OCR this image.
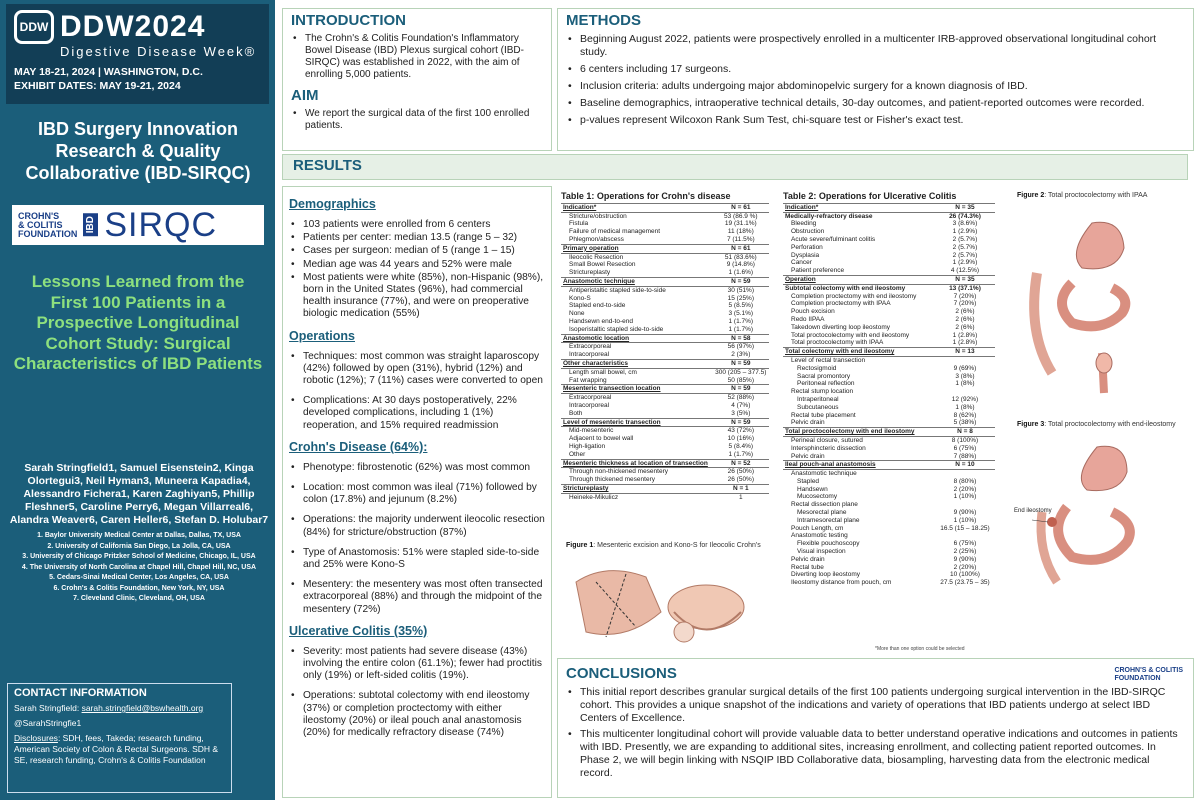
DDW DDW2024
Digestive Disease Week®
MAY 18-21, 2024 | WASHINGTON, D.C.
EXHIBIT DATES: MAY 19-21, 2024
IBD Surgery Innovation Research & Quality Collaborative (IBD-SIRQC)
CROHN'S
& COLITIS
FOUNDATION IBD SIRQC
Lessons Learned from the First 100 Patients in a Prospective Longitudinal Cohort Study: Surgical Characteristics of IBD Patients
Sarah Stringfield1, Samuel Eisenstein2, Kinga Olortegui3, Neil Hyman3, Muneera Kapadia4, Alessandro Fichera1, Karen Zaghiyan5, Phillip Fleshner5, Caroline Perry6, Megan Villarreal6, Alandra Weaver6, Caren Heller6, Stefan D. Holubar7
1. Baylor University Medical Center at Dallas, Dallas, TX, USA
2. University of California San Diego, La Jolla, CA, USA
3. University of Chicago Pritzker School of Medicine, Chicago, IL, USA
4. The University of North Carolina at Chapel Hill, Chapel Hill, NC, USA
5. Cedars-Sinai Medical Center, Los Angeles, CA, USA
6. Crohn's & Colitis Foundation, New York, NY, USA
7. Cleveland Clinic, Cleveland, OH, USA
CONTACT INFORMATION
Sarah Stringfield: sarah.stringfield@bswhealth.org
@SarahStringfie1
Disclosures: SDH, fees, Takeda; research funding, American Society of Colon & Rectal Surgeons. SDH & SE, research funding, Crohn's & Colitis Foundation
INTRODUCTION
• The Crohn's & Colitis Foundation's Inflammatory Bowel Disease (IBD) Plexus surgical cohort (IBD-SIRQC) was established in 2022, with the aim of enrolling 5,000 patients.
AIM
• We report the surgical data of the first 100 enrolled patients.
METHODS
• Beginning August 2022, patients were prospectively enrolled in a multicenter IRB-approved observational longitudinal cohort study.
• 6 centers including 17 surgeons.
• Inclusion criteria: adults undergoing major abdominopelvic surgery for a known diagnosis of IBD.
• Baseline demographics, intraoperative technical details, 30-day outcomes, and patient-reported outcomes were recorded.
• p-values represent Wilcoxon Rank Sum Test, chi-square test or Fisher's exact test.
RESULTS
Demographics
• 103 patients were enrolled from 6 centers
• Patients per center: median 13.5 (range 5 – 32)
• Cases per surgeon: median of 5 (range 1 – 15)
• Median age was 44 years and 52% were male
• Most patients were white (85%), non-Hispanic (98%), born in the United States (96%), had commercial health insurance (77%), and were on preoperative biologic medication (55%)
Operations
• Techniques: most common was straight laparoscopy (42%) followed by open (31%), hybrid (12%) and robotic (12%); 7 (11%) cases were converted to open
• Complications: At 30 days postoperatively, 22% developed complications, including 1 (1%) reoperation, and 15% required readmission
Crohn's Disease (64%):
• Phenotype: fibrostenotic (62%) was most common
• Location: most common was ileal (71%) followed by colon (17.8%) and jejunum (8.2%)
• Operations: the majority underwent ileocolic resection (84%) for stricture/obstruction (87%)
• Type of Anastomosis: 51% were stapled side-to-side and 25% were Kono-S
• Mesentery: the mesentery was most often transected extracorporeal (88%) and through the midpoint of the mesentery (72%)
Ulcerative Colitis (35%)
• Severity: most patients had severe disease (43%) involving the entire colon (61.1%); fewer had proctitis only (19%) or left-sided colitis (19%).
• Operations: subtotal colectomy with end ileostomy (37%) or completion proctectomy with either ileostomy (20%) or ileal pouch anal anastomosis (20%) for medically refractory disease (74%)
Table 1: Operations for Crohn's disease
Indication*	N = 61
Stricture/obstruction	53 (86.9 %)
Fistula	19 (31.1%)
Failure of medical management	11 (18%)
Phlegmon/abscess	7 (11.5%)
Primary operation	N = 61
Ileocolic Resection	51 (83.6%)
Small Bowel Resection	9 (14.8%)
Strictureplasty	1 (1.6%)
Anastomotic technique	N = 59
Antiperistaltic stapled side-to-side	30 (51%)
Kono-S	15 (25%)
Stapled end-to-side	5 (8.5%)
None	3 (5.1%)
Handsewn end-to-end	1 (1.7%)
Isoperistaltic stapled side-to-side	1 (1.7%)
Anastomotic location	N = 58
Extracorporeal	56 (97%)
Intracorporeal	2 (3%)
Other characteristics	N = 59
Length small bowel, cm	300 (205 – 377.5)
Fat wrapping	50 (85%)
Mesenteric transection location	N = 59
Extracorporeal	52 (88%)
Intracorporeal	4 (7%)
Both	3 (5%)
Level of mesenteric transection	N = 59
Mid-mesenteric	43 (72%)
Adjacent to bowel wall	10 (16%)
High-ligation	5 (8.4%)
Other	1 (1.7%)
Mesenteric thickness at location of transection	N = 52
Through non-thickened mesentery	26 (50%)
Through thickened mesentery	26 (50%)
Strictureplasty	N = 1
Heineke-Mikulicz	1
Table 2: Operations for Ulcerative Colitis
Indication*	N = 35
Medically-refractory disease	26 (74.3%)
Bleeding	3 (8.6%)
Obstruction	1 (2.9%)
Acute severe/fulminant colitis	2 (5.7%)
Perforation	2 (5.7%)
Dysplasia	2 (5.7%)
Cancer	1 (2.9%)
Patient preference	4 (12.5%)
Operation	N = 35
Subtotal colectomy with end ileostomy	13 (37.1%)
Completion proctectomy with end ileostomy	7 (20%)
Completion proctectomy with IPAA	7 (20%)
Pouch excision	2 (6%)
Redo IIPAA	2 (6%)
Takedown diverting loop ileostomy	2 (6%)
Total proctocolectomy with end ileostomy	1 (2.8%)
Total proctocolectomy with IPAA	1 (2.8%)
Total colectomy with end ileostomy	N = 13
Level of rectal transection	
Rectosigmoid	9 (69%)
Sacral promontory	3 (8%)
Peritoneal reflection	1 (8%)
Rectal stump location	
Intraperitoneal	12 (92%)
Subcutaneous	1 (8%)
Rectal tube placement	8 (62%)
Pelvic drain	5 (38%)
Total proctocolectomy with end ileostomy	N = 8
Perineal closure, sutured	8 (100%)
Intersphincteric dissection	6 (75%)
Pelvic drain	7 (88%)
Ileal pouch-anal anastomosis	N = 10
Anastomotic technique	
Stapled	8 (80%)
Handsewn	2 (20%)
Mucosectomy	1 (10%)
Rectal dissection plane	
Mesorectal plane	9 (90%)
Intramesorectal plane	1 (10%)
Pouch Length, cm	16.5 (15 – 18.25)
Anastomotic testing	
Flexible pouchoscopy	6 (75%)
Visual inspection	2 (25%)
Pelvic drain	9 (90%)
Rectal tube	2 (20%)
Diverting loop ileostomy	10 (100%)
Ileostomy distance from pouch, cm	27.5 (23.75 – 35)
*More than one option could be selected
Figure 1: Mesenteric excision and Kono-S for Ileocolic Crohn's
Figure 2: Total proctocolectomy with IPAA
Figure 3: Total proctocolectomy with end-ileostomy
End ileostomy
CONCLUSIONS	CROHN'S & COLITIS
FOUNDATION
• This initial report describes granular surgical details of the first 100 patients undergoing surgical intervention in the IBD-SIRQC cohort. This provides a unique snapshot of the indications and variety of operations that IBD patients undergo at select IBD Centers of Excellence.
• This multicenter longitudinal cohort will provide valuable data to better understand operative indications and outcomes in patients with IBD. Presently, we are expanding to additional sites, increasing enrollment, and collecting patient reported outcomes. In Phase 2, we will begin linking with NSQIP IBD Collaborative data, biosampling, harvesting data from the electronic medical record.
